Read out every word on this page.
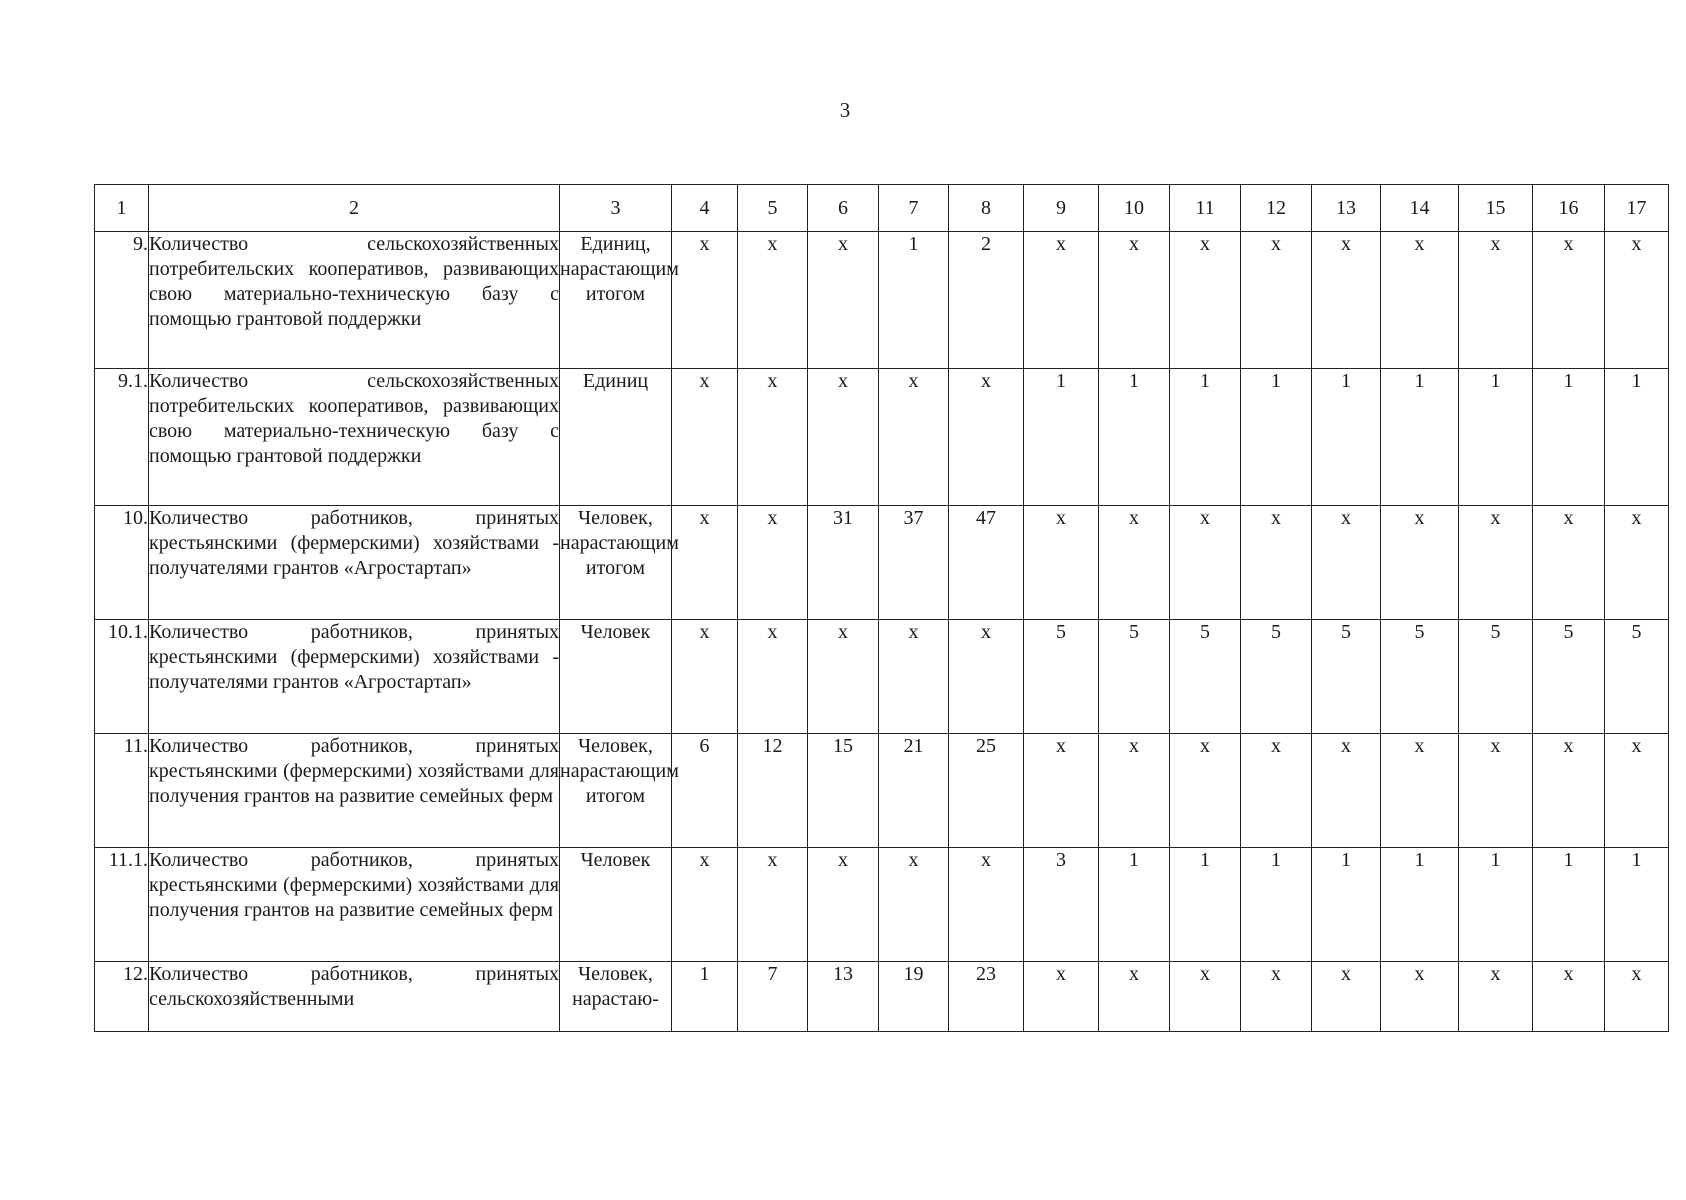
3
1	2	3	4	5	6	7	8	9	10	11	12	13	14	15	16	17
9.	Количество сельскохозяйственных потребительских кооперативов, развивающих свою материально-техническую базу с помощью грантовой поддержки	Единиц, нарастающим итогом	х	х	х	1	2	х	х	х	х	х	х	х	х	х
9.1.	Количество сельскохозяйственных потребительских кооперативов, развивающих свою материально-техническую базу с помощью грантовой поддержки	Единиц	х	х	х	х	х	1	1	1	1	1	1	1	1	1
10.	Количество работников, принятых крестьянскими (фермерскими) хозяйствами - получателями грантов «Агростартап»	Человек, нарастающим итогом	х	х	31	37	47	х	х	х	х	х	х	х	х	х
10.1.	Количество работников, принятых крестьянскими (фермерскими) хозяйствами - получателями грантов «Агростартап»	Человек	х	х	х	х	х	5	5	5	5	5	5	5	5	5
11.	Количество работников, принятых крестьянскими (фермерскими) хозяйствами для получения грантов на развитие семейных ферм	Человек, нарастающим итогом	6	12	15	21	25	х	х	х	х	х	х	х	х	х
11.1.	Количество работников, принятых крестьянскими (фермерскими) хозяйствами для получения грантов на развитие семейных ферм	Человек	х	х	х	х	х	3	1	1	1	1	1	1	1	1
12.	Количество работников, принятых сельскохозяйственными	Человек, нарастаю-	1	7	13	19	23	х	х	х	х	х	х	х	х	х
